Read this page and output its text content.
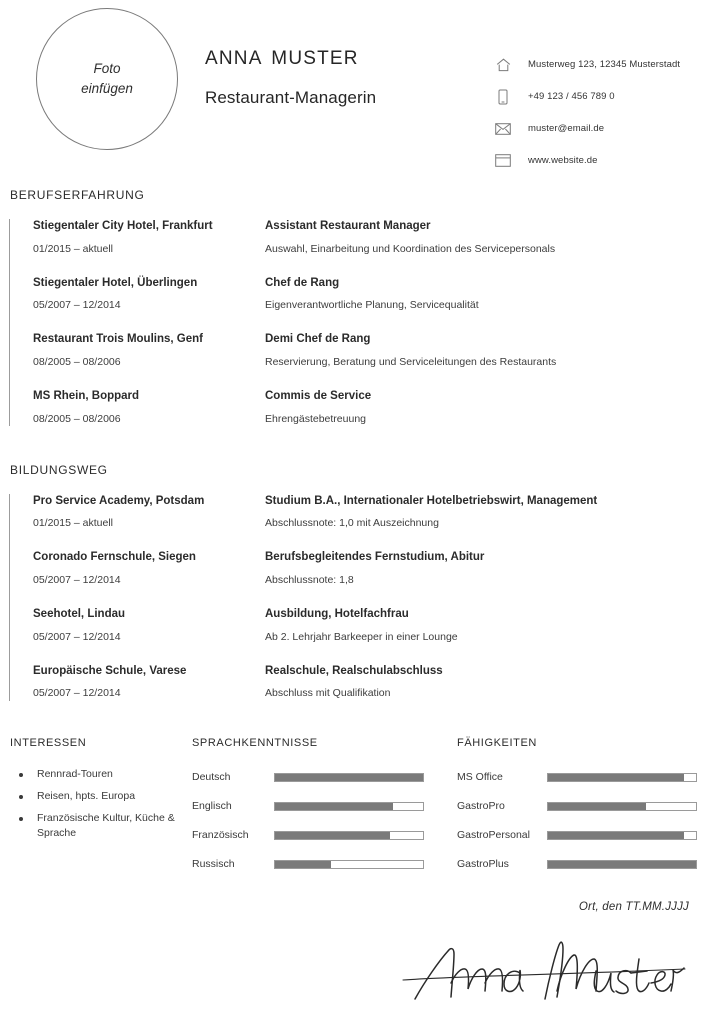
Foto
einfügen
anna muster
Restaurant-Managerin
Musterweg 123, 12345 Musterstadt
+49 123 / 456 789 0
muster@email.de
www.website.de
berufserfahrung
Stiegentaler City Hotel, Frankfurt
01/2015 – aktuell
Assistant Restaurant Manager
Auswahl, Einarbeitung und Koordination des Servicepersonals
Stiegentaler Hotel, Überlingen
05/2007 – 12/2014
Chef de Rang
Eigenverantwortliche Planung, Servicequalität
Restaurant Trois Moulins, Genf
08/2005 – 08/2006
Demi Chef de Rang
Reservierung, Beratung und Serviceleitungen des Restaurants
MS Rhein, Boppard
08/2005 – 08/2006
Commis de Service
Ehrengästebetreuung
bildungsweg
Pro Service Academy, Potsdam
01/2015 – aktuell
Studium B.A., Internationaler Hotelbetriebswirt, Management
Abschlussnote: 1,0 mit Auszeichnung
Coronado Fernschule, Siegen
05/2007 – 12/2014
Berufsbegleitendes Fernstudium, Abitur
Abschlussnote: 1,8
Seehotel, Lindau
05/2007 – 12/2014
Ausbildung, Hotelfachfrau
Ab 2. Lehrjahr Barkeeper in einer Lounge
Europäische Schule, Varese
05/2007 – 12/2014
Realschule, Realschulabschluss
Abschluss mit Qualifikation
interessen
Rennrad-Touren
Reisen, hpts. Europa
Französische Kultur, Küche & Sprache
sprachkenntnisse
Deutsch
Englisch
Französisch
Russisch
fähigkeiten
MS Office
GastroPro
GastroPersonal
GastroPlus
Ort, den TT.MM.JJJJ
